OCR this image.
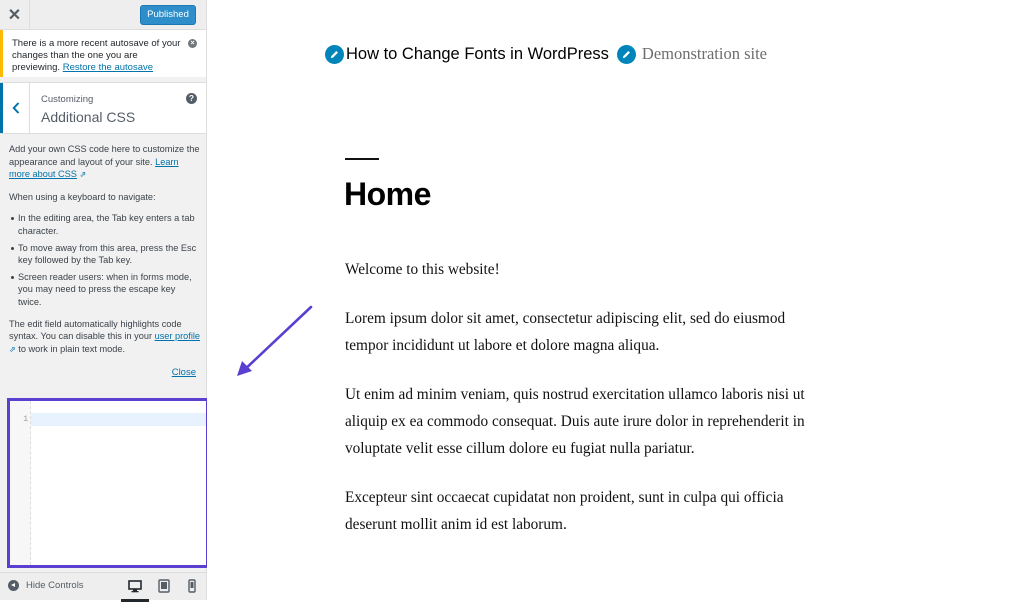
✕	Published
There is a more recent autosave of your changes than the one you are previewing. Restore the autosave
×
Customizing
Additional CSS
?

Add your own CSS code here to customize the appearance and layout of your site. Learn more about CSS ⇗

When using a keyboard to navigate:

In the editing area, the Tab key enters a tab character.
To move away from this area, press the Esc key followed by the Tab key.
Screen reader users: when in forms mode, you may need to press the escape key twice.

The edit field automatically highlights code syntax. You can disable this in your user profile ⇗ to work in plain text mode.

Close
1
Hide Controls
How to Change Fonts in WordPress Demonstration site
Home

Welcome to this website!

Lorem ipsum dolor sit amet, consectetur adipiscing elit, sed do eiusmod tempor incididunt ut labore et dolore magna aliqua.

Ut enim ad minim veniam, quis nostrud exercitation ullamco laboris nisi ut aliquip ex ea commodo consequat. Duis aute irure dolor in reprehenderit in voluptate velit esse cillum dolore eu fugiat nulla pariatur.

Excepteur sint occaecat cupidatat non proident, sunt in culpa qui officia deserunt mollit anim id est laborum.
